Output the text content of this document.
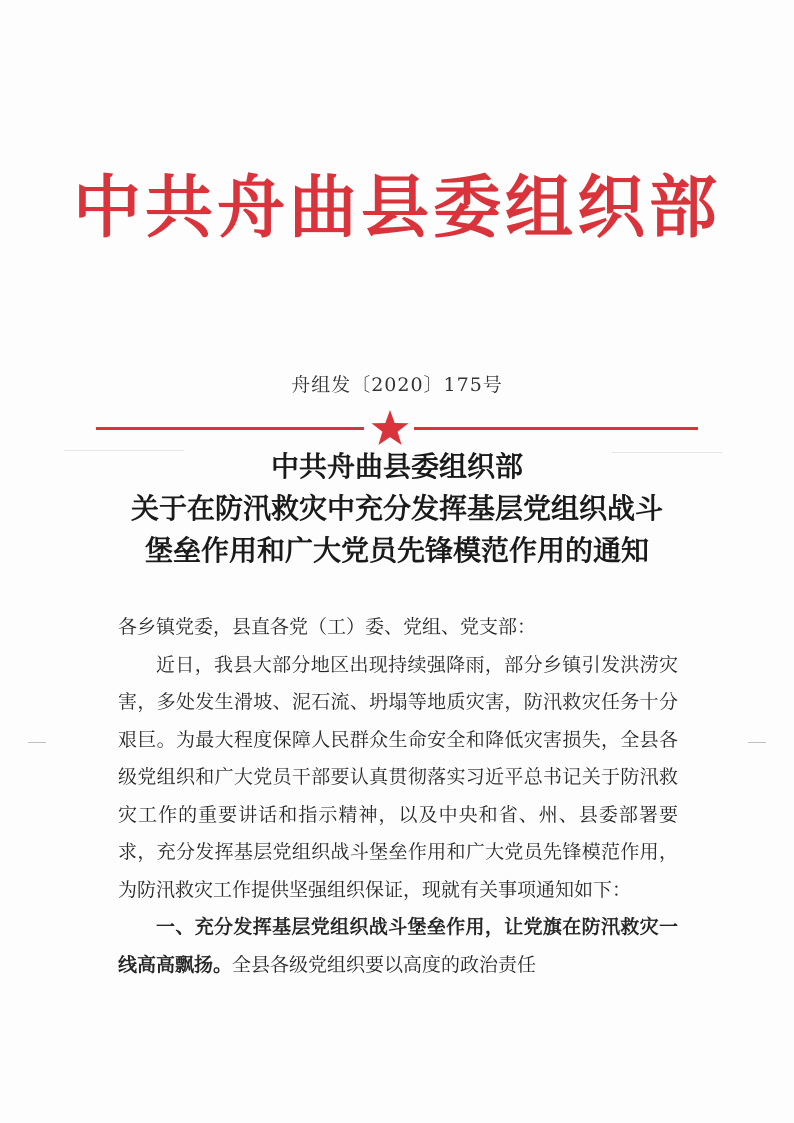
中共舟曲县委组织部
舟组发〔2020〕175号
中共舟曲县委组织部
关于在防汛救灾中充分发挥基层党组织战斗
堡垒作用和广大党员先锋模范作用的通知

各乡镇党委，县直各党（工）委、党组、党支部：

近日，我县大部分地区出现持续强降雨，部分乡镇引发洪涝灾害，多处发生滑坡、泥石流、坍塌等地质灾害，防汛救灾任务十分艰巨。为最大程度保障人民群众生命安全和降低灾害损失，全县各级党组织和广大党员干部要认真贯彻落实习近平总书记关于防汛救灾工作的重要讲话和指示精神，以及中央和省、州、县委部署要求，充分发挥基层党组织战斗堡垒作用和广大党员先锋模范作用，为防汛救灾工作提供坚强组织保证，现就有关事项通知如下：

一、充分发挥基层党组织战斗堡垒作用，让党旗在防汛救灾一线高高飘扬。全县各级党组织要以高度的政治责任
